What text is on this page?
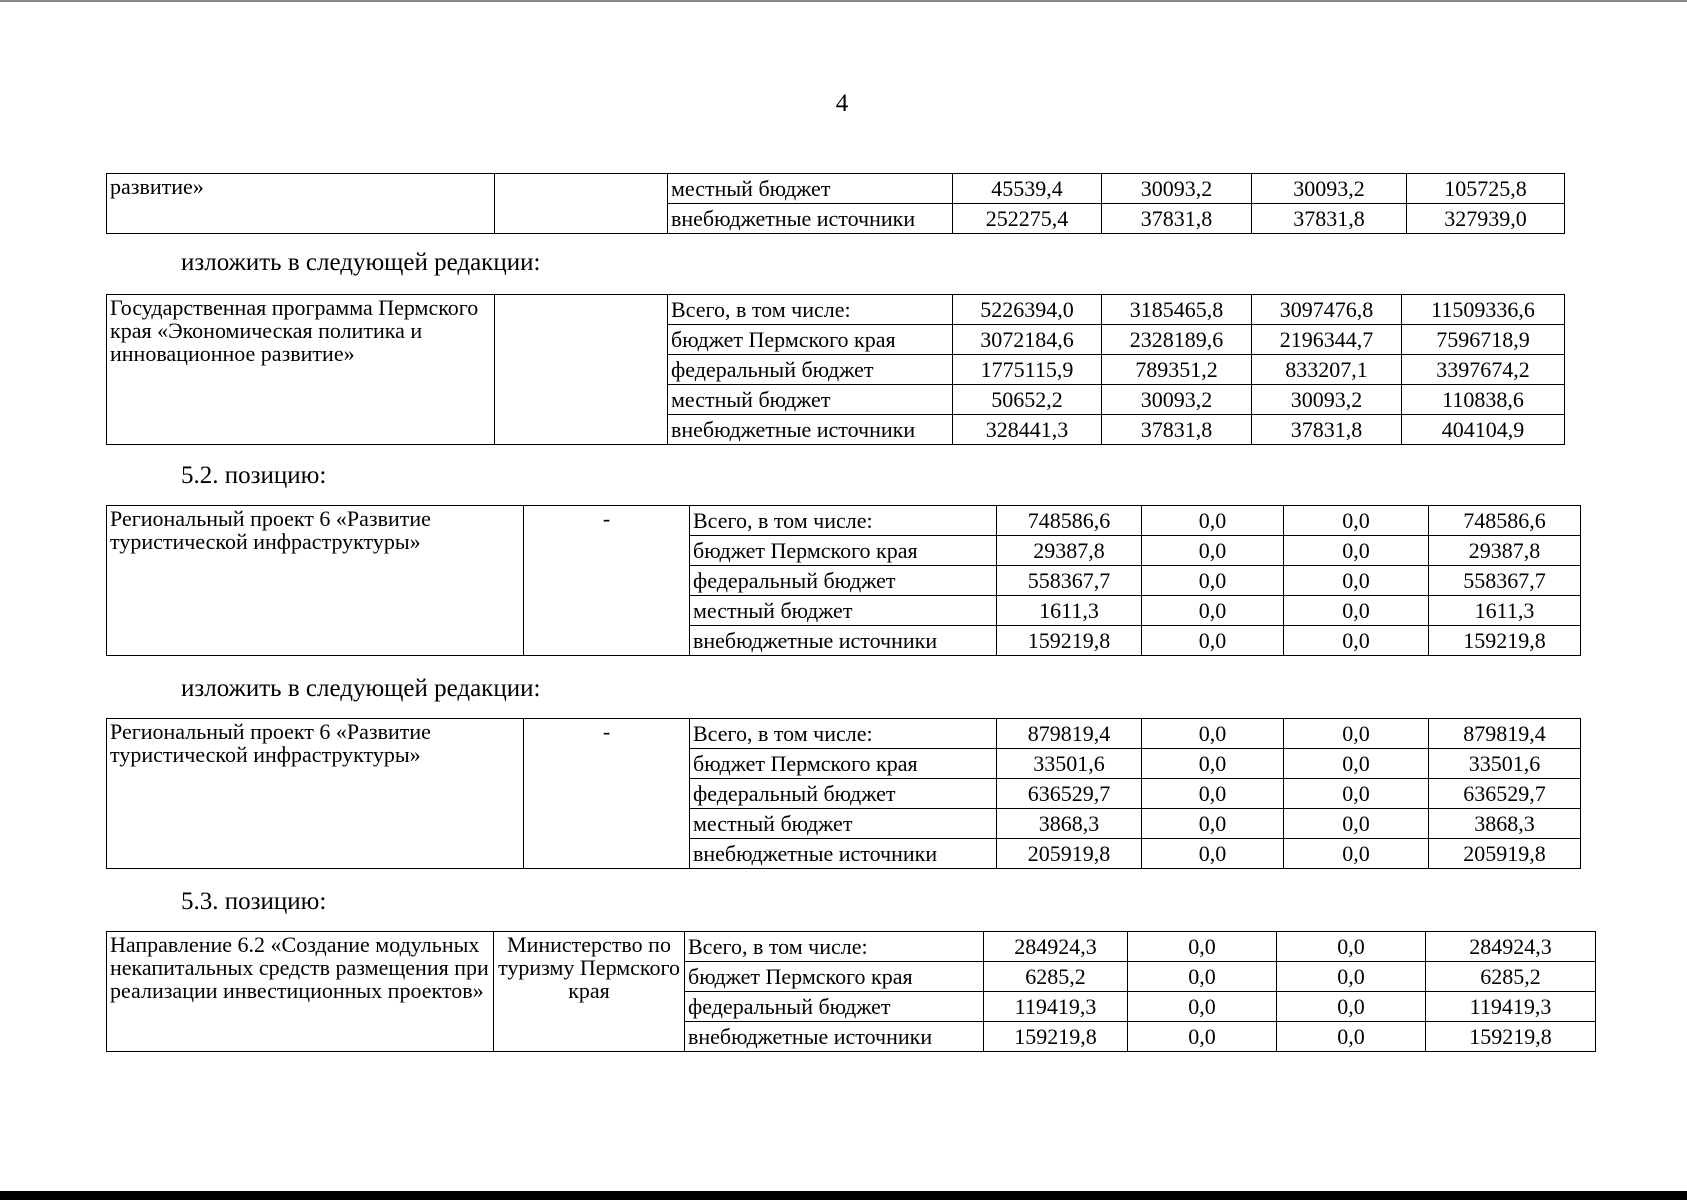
4
развитие»		местный бюджет	45539,4	30093,2	30093,2	105725,8
		внебюджетные источники	252275,4	37831,8	37831,8	327939,0
изложить в следующей редакции:
Государственная программа Пермского края «Экономическая политика и инновационное развитие»		Всего, в том числе:	5226394,0	3185465,8	3097476,8	11509336,6
		бюджет Пермского края	3072184,6	2328189,6	2196344,7	7596718,9
		федеральный бюджет	1775115,9	789351,2	833207,1	3397674,2
		местный бюджет	50652,2	30093,2	30093,2	110838,6
		внебюджетные источники	328441,3	37831,8	37831,8	404104,9
5.2. позицию:
Региональный проект 6 «Развитие туристической инфраструктуры»	-	Всего, в том числе:	748586,6	0,0	0,0	748586,6
		бюджет Пермского края	29387,8	0,0	0,0	29387,8
		федеральный бюджет	558367,7	0,0	0,0	558367,7
		местный бюджет	1611,3	0,0	0,0	1611,3
		внебюджетные источники	159219,8	0,0	0,0	159219,8
изложить в следующей редакции:
Региональный проект 6 «Развитие туристической инфраструктуры»	-	Всего, в том числе:	879819,4	0,0	0,0	879819,4
		бюджет Пермского края	33501,6	0,0	0,0	33501,6
		федеральный бюджет	636529,7	0,0	0,0	636529,7
		местный бюджет	3868,3	0,0	0,0	3868,3
		внебюджетные источники	205919,8	0,0	0,0	205919,8
5.3. позицию:
Направление 6.2 «Создание модульных некапитальных средств размещения при реализации инвестиционных проектов»	Министерство по туризму Пермского края	Всего, в том числе:	284924,3	0,0	0,0	284924,3
		бюджет Пермского края	6285,2	0,0	0,0	6285,2
		федеральный бюджет	119419,3	0,0	0,0	119419,3
		внебюджетные источники	159219,8	0,0	0,0	159219,8
